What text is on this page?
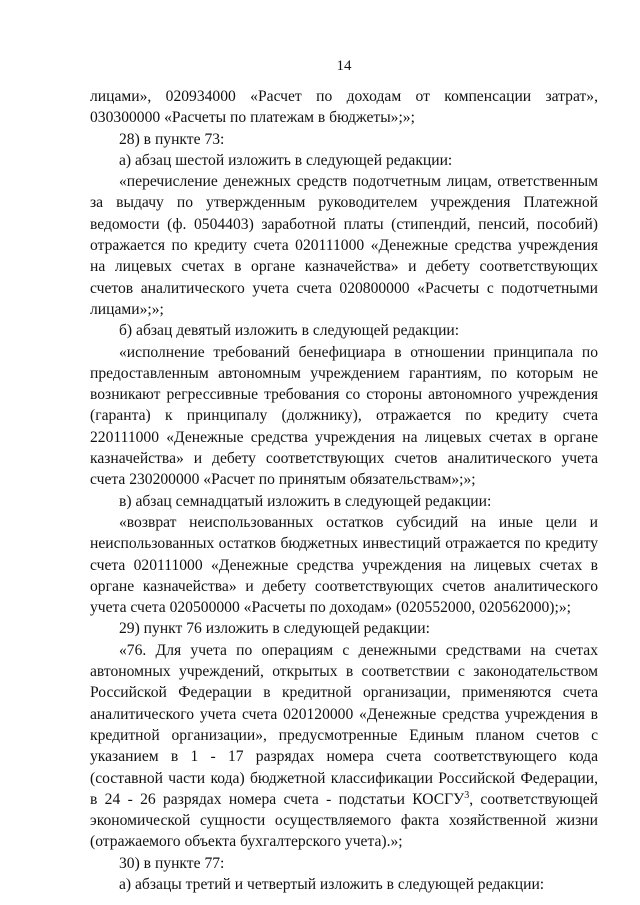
14

лицами», 020934000 «Расчет по доходам от компенсации затрат», 030300000 «Расчеты по платежам в бюджеты»;»;

28) в пункте 73:

а) абзац шестой изложить в следующей редакции:

«перечисление денежных средств подотчетным лицам, ответственным за выдачу по утвержденным руководителем учреждения Платежной ведомости (ф. 0504403) заработной платы (стипендий, пенсий, пособий) отражается по кредиту счета 020111000 «Денежные средства учреждения на лицевых счетах в органе казначейства» и дебету соответствующих счетов аналитического учета счета 020800000 «Расчеты с подотчетными лицами»;»;

б) абзац девятый изложить в следующей редакции:

«исполнение требований бенефициара в отношении принципала по предоставленным автономным учреждением гарантиям, по которым не возникают регрессивные требования со стороны автономного учреждения (гаранта) к принципалу (должнику), отражается по кредиту счета 220111000 «Денежные средства учреждения на лицевых счетах в органе казначейства» и дебету соответствующих счетов аналитического учета счета 230200000 «Расчет по принятым обязательствам»;»;

в) абзац семнадцатый изложить в следующей редакции:

«возврат неиспользованных остатков субсидий на иные цели и неиспользованных остатков бюджетных инвестиций отражается по кредиту счета 020111000 «Денежные средства учреждения на лицевых счетах в органе казначейства» и дебету соответствующих счетов аналитического учета счета 020500000 «Расчеты по доходам» (020552000, 020562000);»;

29) пункт 76 изложить в следующей редакции:

«76. Для учета по операциям с денежными средствами на счетах автономных учреждений, открытых в соответствии с законодательством Российской Федерации в кредитной организации, применяются счета аналитического учета счета 020120000 «Денежные средства учреждения в кредитной организации», предусмотренные Единым планом счетов с указанием в 1 - 17 разрядах номера счета соответствующего кода (составной части кода) бюджетной классификации Российской Федерации, в 24 - 26 разрядах номера счета - подстатьи КОСГУ$^3$, соответствующей экономической сущности осуществляемого факта хозяйственной жизни (отражаемого объекта бухгалтерского учета).»;

30) в пункте 77:

а) абзацы третий и четвертый изложить в следующей редакции:
